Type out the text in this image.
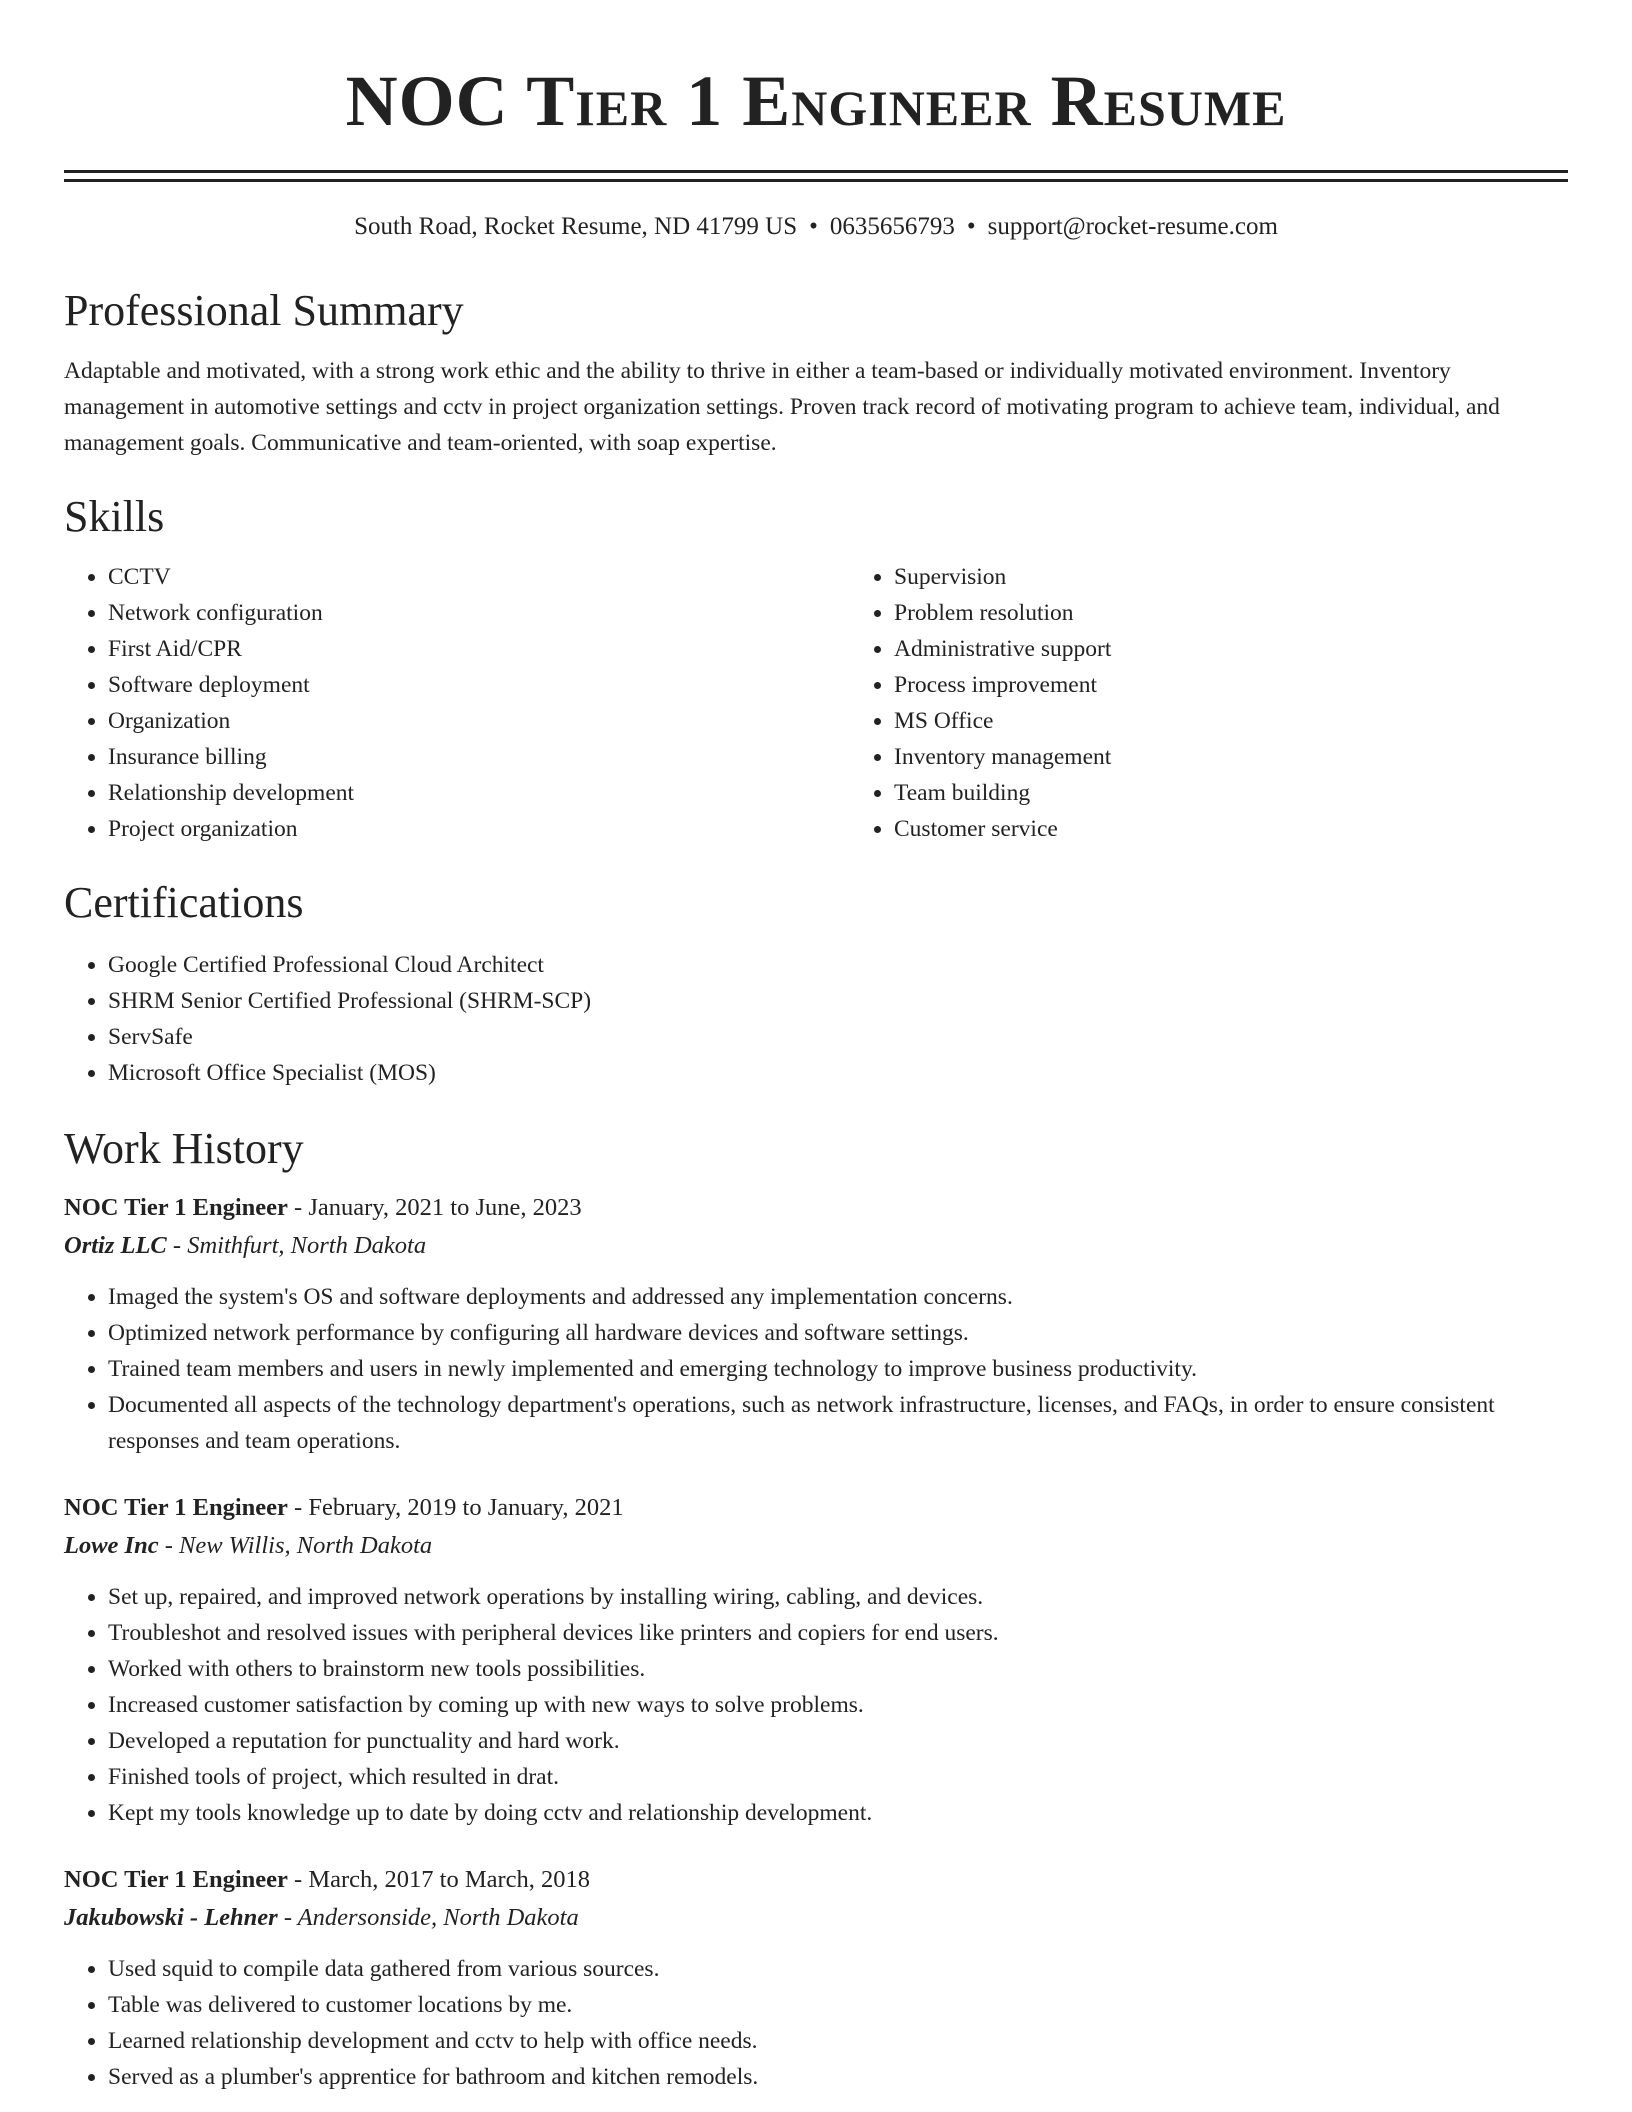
NOC Tier 1 Engineer Resume
South Road, Rocket Resume, ND 41799 US • 0635656793 • support@rocket-resume.com
Professional Summary

Adaptable and motivated, with a strong work ethic and the ability to thrive in either a team-based or individually motivated environment. Inventory management in automotive settings and cctv in project organization settings. Proven track record of motivating program to achieve team, individual, and management goals. Communicative and team-oriented, with soap expertise.

Skills
• CCTV
• Network configuration
• First Aid/CPR
• Software deployment
• Organization
• Insurance billing
• Relationship development
• Project organization
• Supervision
• Problem resolution
• Administrative support
• Process improvement
• MS Office
• Inventory management
• Team building
• Customer service
Certifications
• Google Certified Professional Cloud Architect
• SHRM Senior Certified Professional (SHRM-SCP)
• ServSafe
• Microsoft Office Specialist (MOS)
Work History
NOC Tier 1 Engineer - January, 2021 to June, 2023
Ortiz LLC - Smithfurt, North Dakota
• Imaged the system's OS and software deployments and addressed any implementation concerns.
• Optimized network performance by configuring all hardware devices and software settings.
• Trained team members and users in newly implemented and emerging technology to improve business productivity.
• Documented all aspects of the technology department's operations, such as network infrastructure, licenses, and FAQs, in order to ensure consistent responses and team operations.
NOC Tier 1 Engineer - February, 2019 to January, 2021
Lowe Inc - New Willis, North Dakota
• Set up, repaired, and improved network operations by installing wiring, cabling, and devices.
• Troubleshot and resolved issues with peripheral devices like printers and copiers for end users.
• Worked with others to brainstorm new tools possibilities.
• Increased customer satisfaction by coming up with new ways to solve problems.
• Developed a reputation for punctuality and hard work.
• Finished tools of project, which resulted in drat.
• Kept my tools knowledge up to date by doing cctv and relationship development.
NOC Tier 1 Engineer - March, 2017 to March, 2018
Jakubowski - Lehner - Andersonside, North Dakota
• Used squid to compile data gathered from various sources.
• Table was delivered to customer locations by me.
• Learned relationship development and cctv to help with office needs.
• Served as a plumber's apprentice for bathroom and kitchen remodels.
